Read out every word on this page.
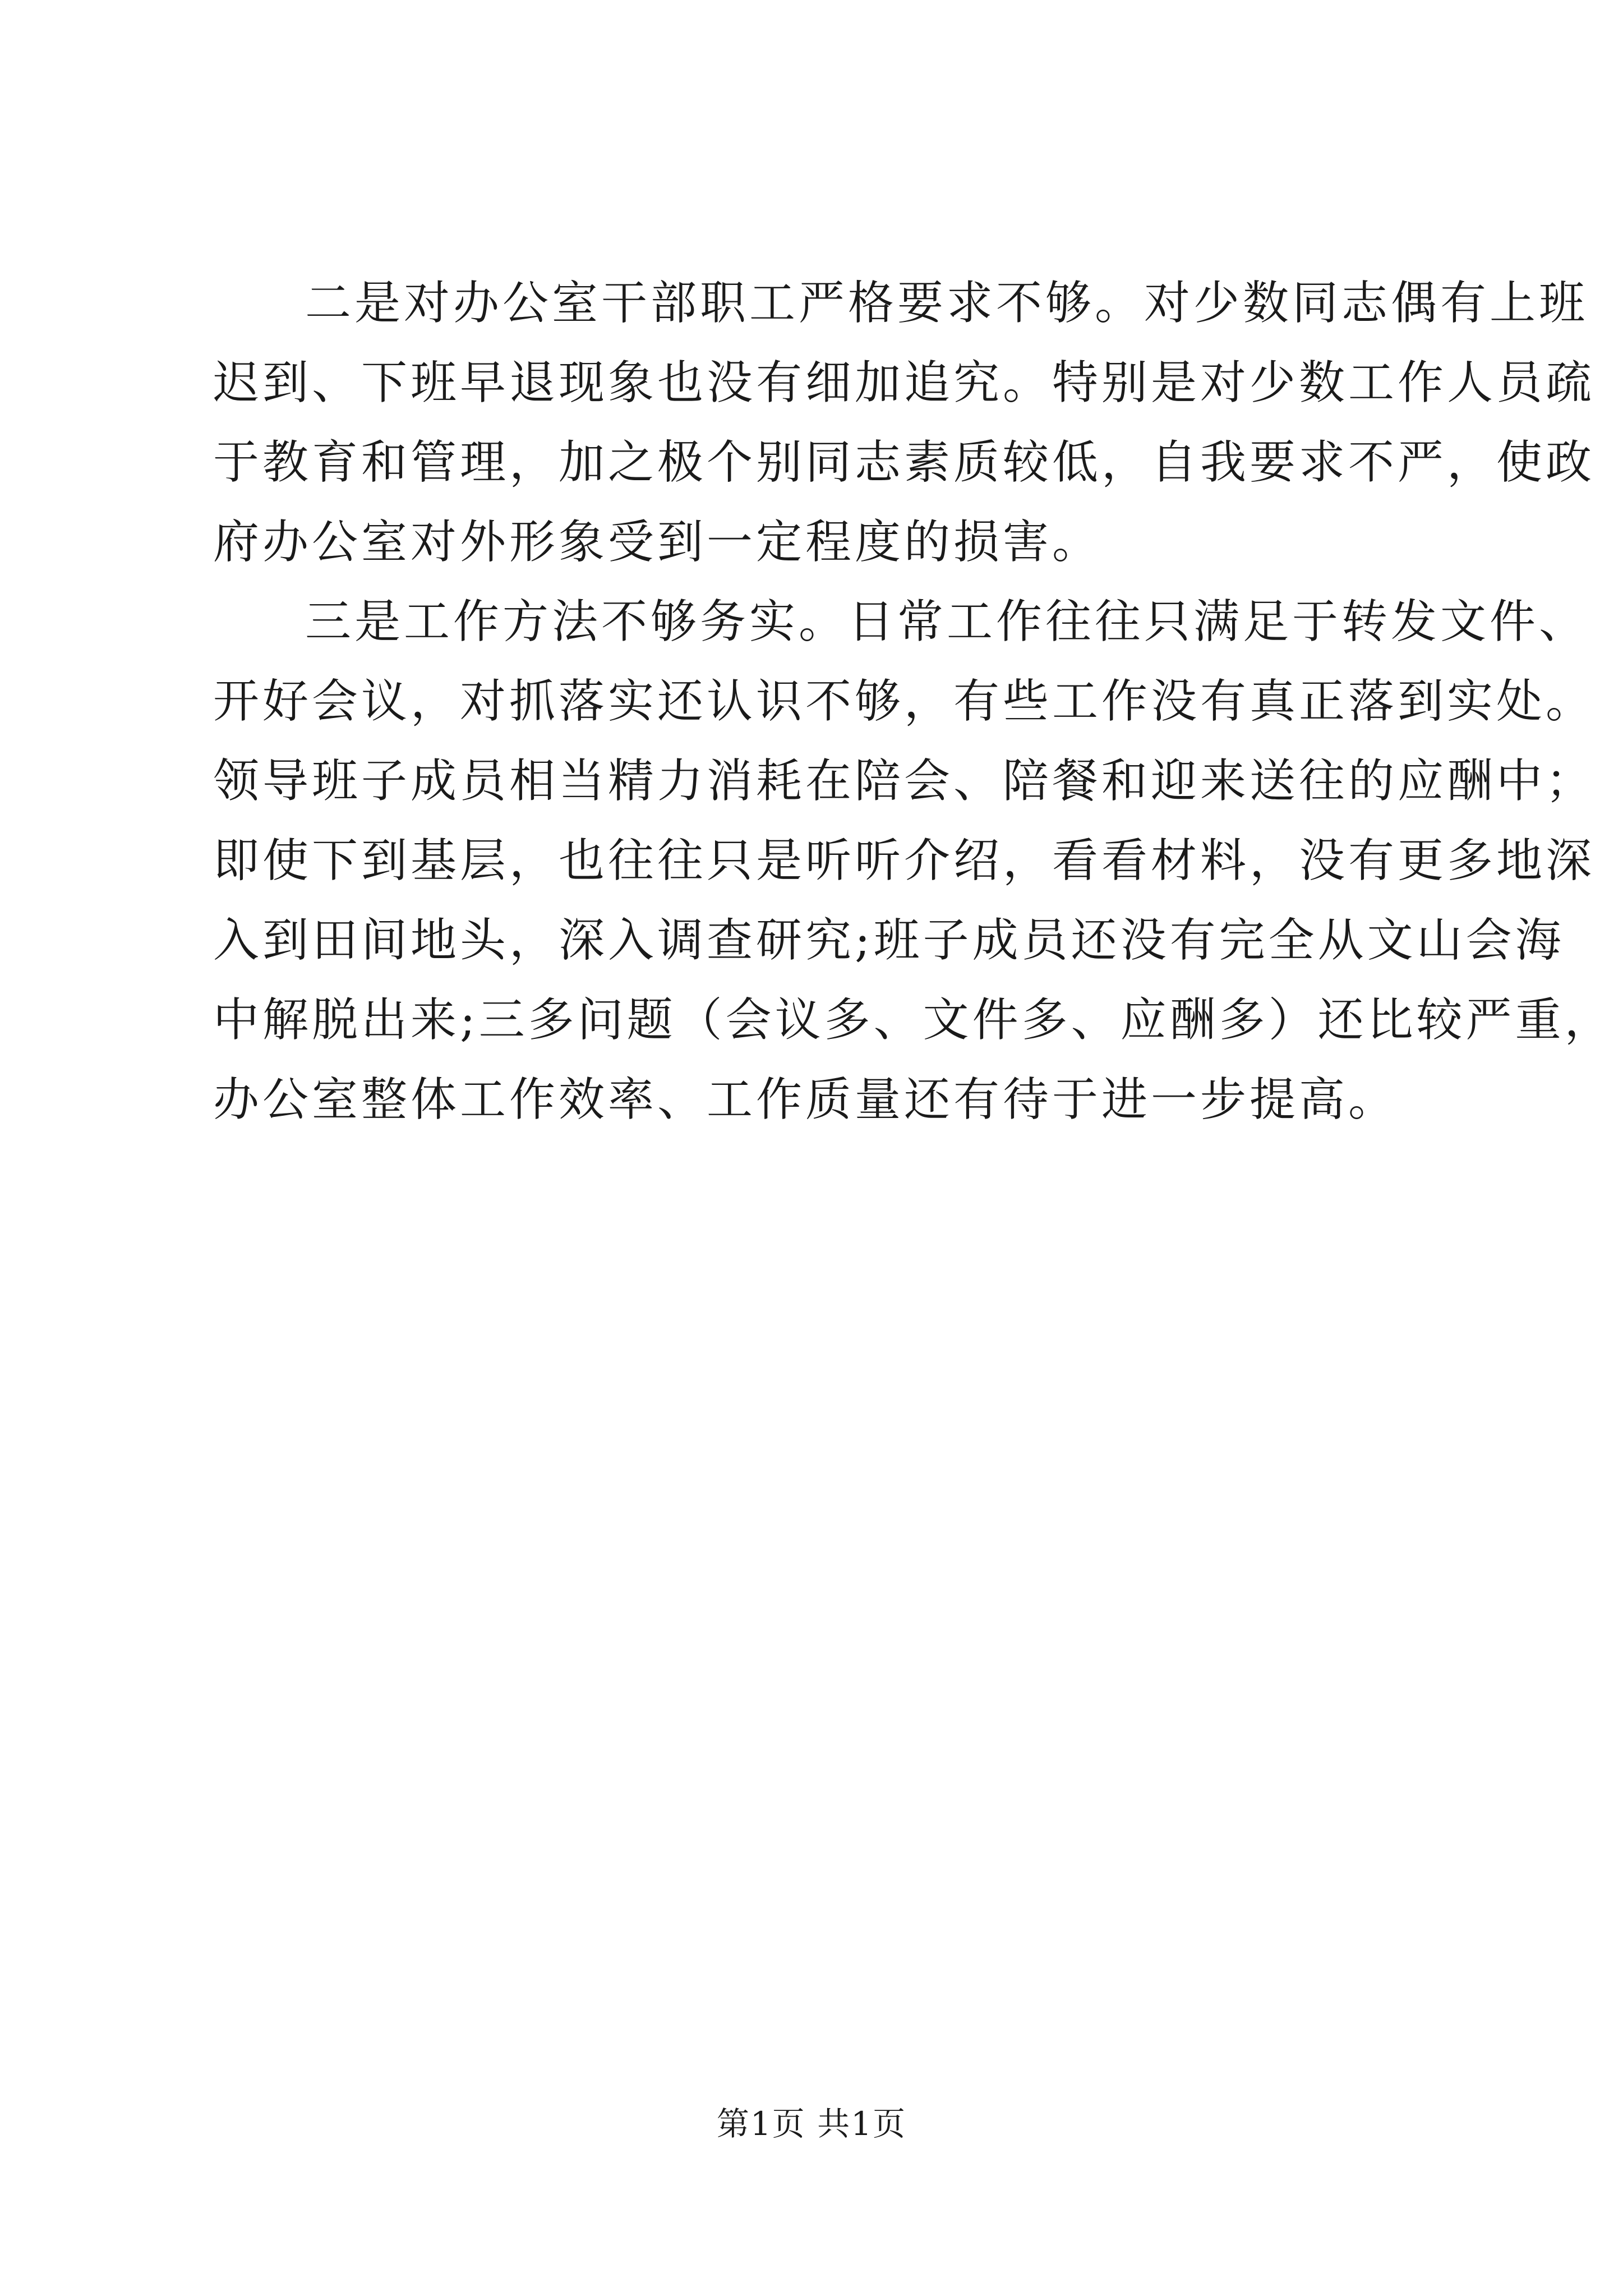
二是对办公室干部职工严格要求不够。对少数同志偶有上班
迟到、下班早退现象也没有细加追究。特别是对少数工作人员疏
于教育和管理，加之极个别同志素质较低，自我要求不严，使政
府办公室对外形象受到一定程度的损害。
三是工作方法不够务实。日常工作往往只满足于转发文件、
开好会议，对抓落实还认识不够，有些工作没有真正落到实处。
领导班子成员相当精力消耗在陪会、陪餐和迎来送往的应酬中；
即使下到基层，也往往只是听听介绍，看看材料，没有更多地深
入到田间地头，深入调查研究;班子成员还没有完全从文山会海
中解脱出来;三多问题（会议多、文件多、应酬多）还比较严重，
办公室整体工作效率、工作质量还有待于进一步提高。
第1页 共1页
